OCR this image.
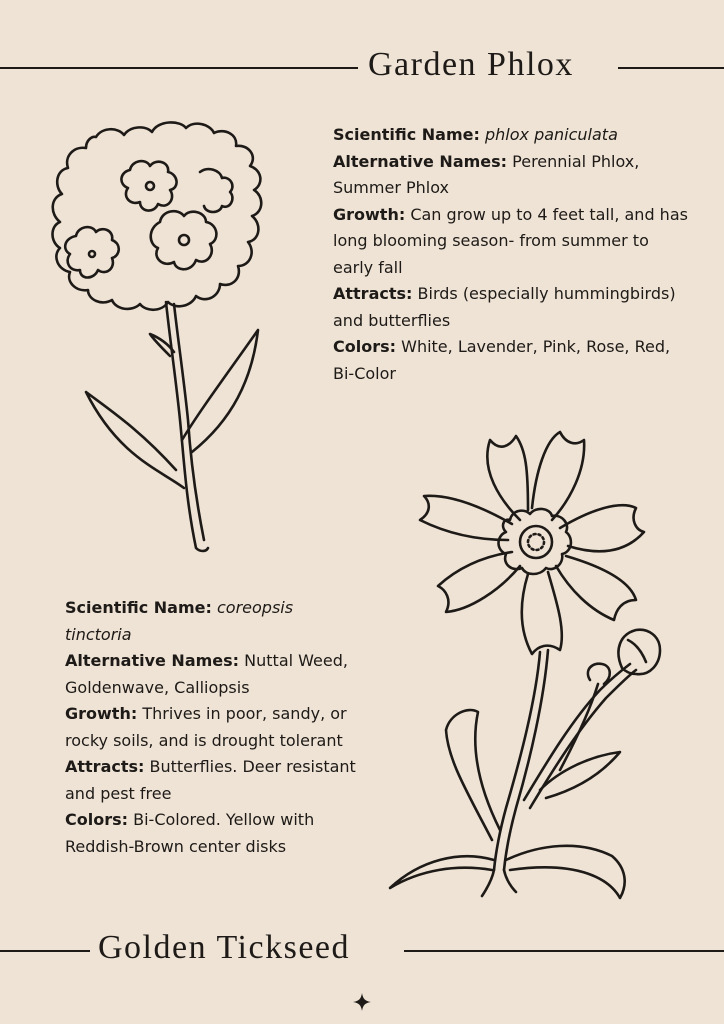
Garden Phlox

Scientific Name: phlox paniculata

Alternative Names: Perennial Phlox, Summer Phlox

Growth: Can grow up to 4 feet tall, and has long blooming season- from summer to early fall

Attracts: Birds (especially hummingbirds) and butterflies

Colors: White, Lavender, Pink, Rose, Red, Bi-Color

Scientific Name: coreopsis tinctoria

Alternative Names: Nuttal Weed, Goldenwave, Calliopsis

Growth: Thrives in poor, sandy, or rocky soils, and is drought tolerant

Attracts: Butterflies. Deer resistant and pest free

Colors: Bi-Colored. Yellow with Reddish-Brown center disks

Golden Tickseed
